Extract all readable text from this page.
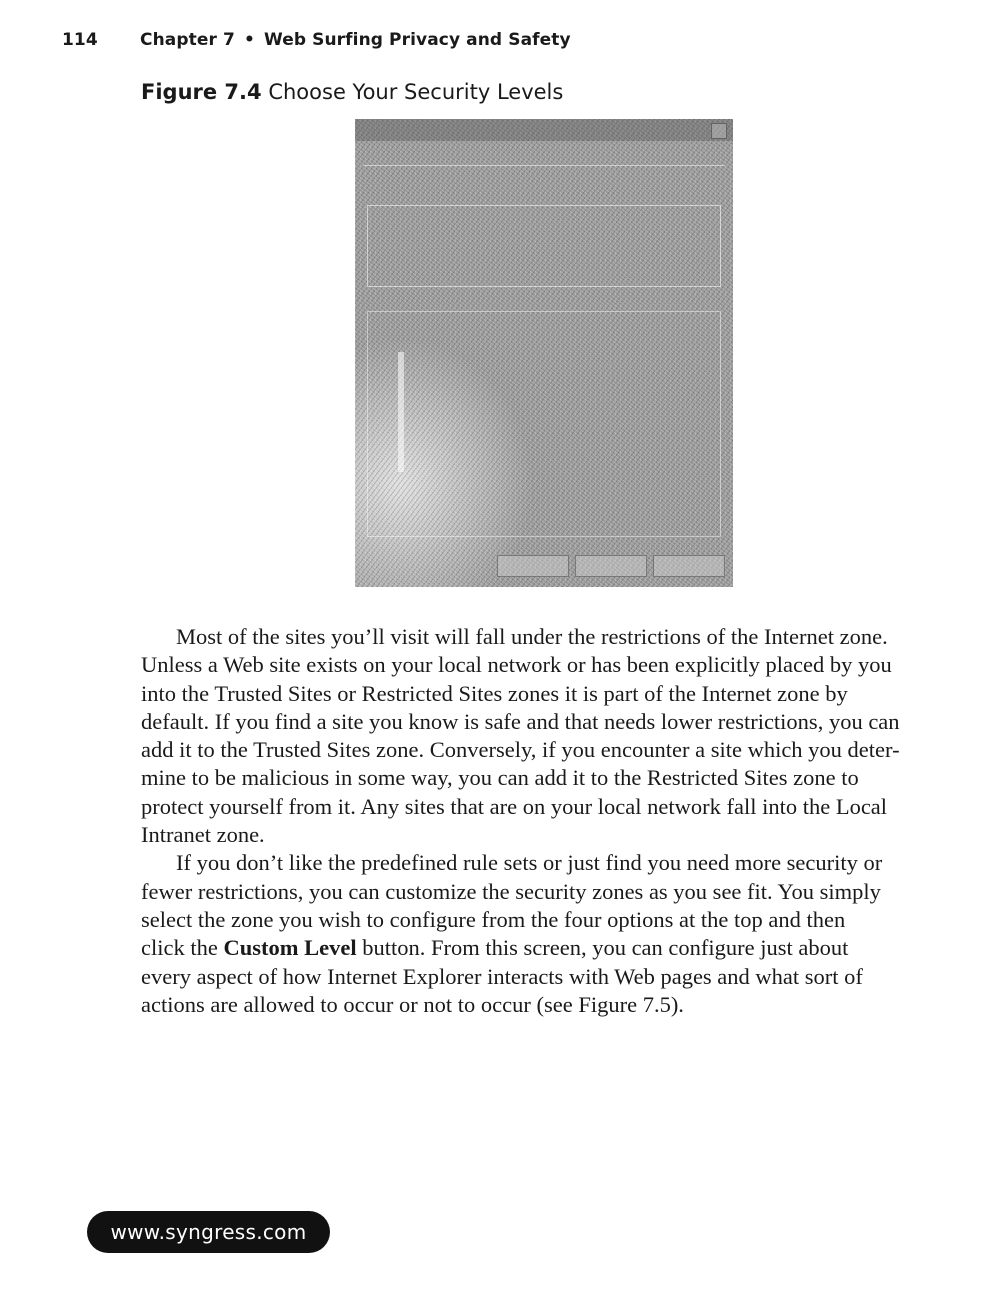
114 Chapter 7 • Web Surfing Privacy and Safety
Figure 7.4 Choose Your Security Levels
Most of the sites you’ll visit will fall under the restrictions of the Internet zone.
Unless a Web site exists on your local network or has been explicitly placed by you
into the Trusted Sites or Restricted Sites zones it is part of the Internet zone by
default. If you find a site you know is safe and that needs lower restrictions, you can
add it to the Trusted Sites zone. Conversely, if you encounter a site which you deter-
mine to be malicious in some way, you can add it to the Restricted Sites zone to
protect yourself from it. Any sites that are on your local network fall into the Local
Intranet zone.
If you don’t like the predefined rule sets or just find you need more security or
fewer restrictions, you can customize the security zones as you see fit. You simply
select the zone you wish to configure from the four options at the top and then
click the Custom Level button. From this screen, you can configure just about
every aspect of how Internet Explorer interacts with Web pages and what sort of
actions are allowed to occur or not to occur (see Figure 7.5).
www.syngress.com
